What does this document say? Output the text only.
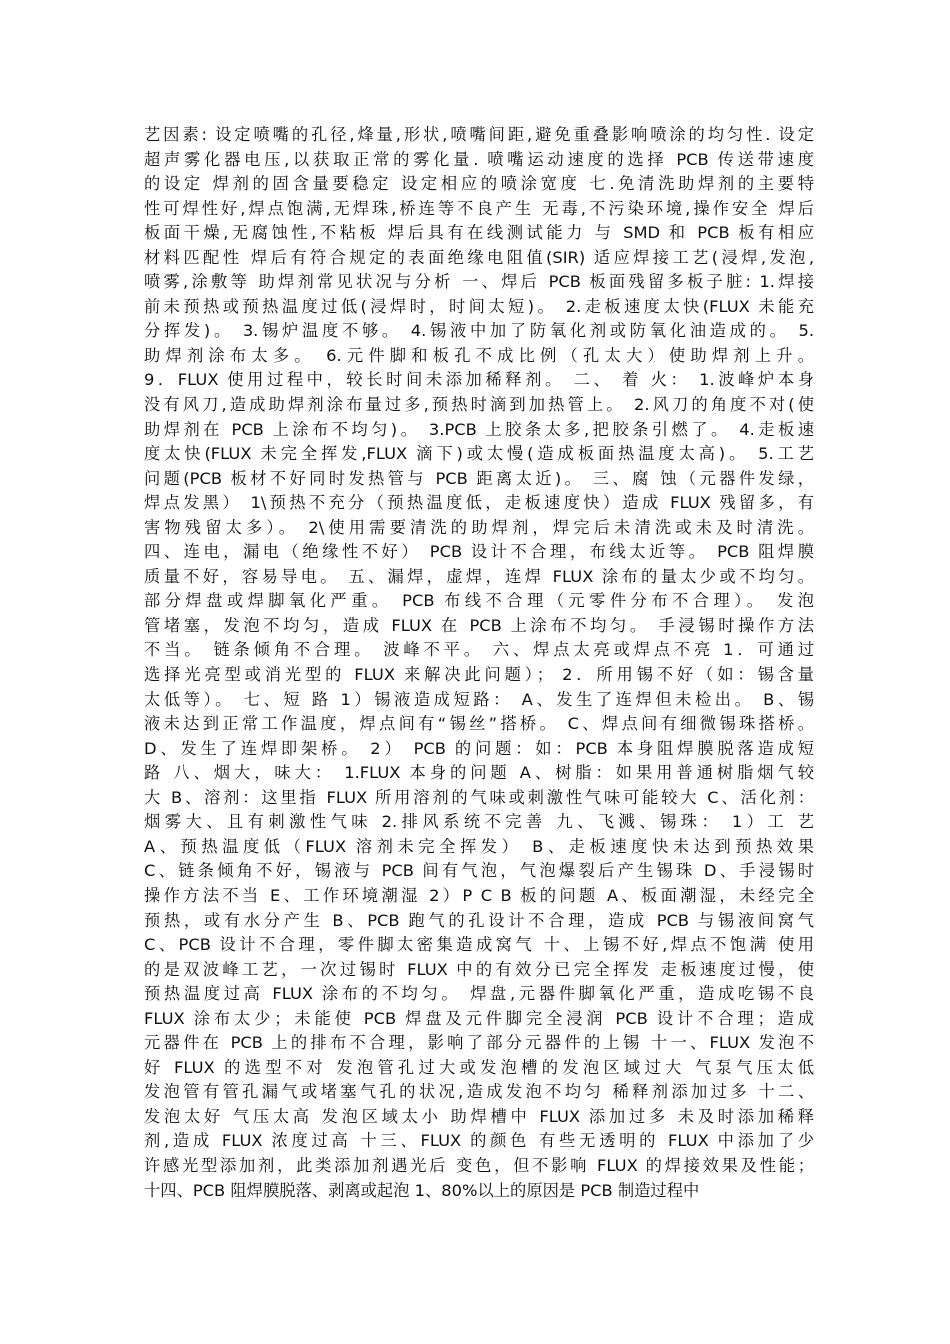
艺因素: 设定喷嘴的孔径,烽量,形状,喷嘴间距,避免重叠影响喷涂的均匀性. 设定
超声雾化器电压,以获取正常的雾化量. 喷嘴运动速度的选择 PCB 传送带速度
的设定 焊剂的固含量要稳定 设定相应的喷涂宽度 七.免清洗助焊剂的主要特
性可焊性好,焊点饱满,无焊珠,桥连等不良产生 无毒,不污染环境,操作安全 焊后
板面干燥,无腐蚀性,不粘板 焊后具有在线测试能力 与 SMD 和 PCB 板有相应
材料匹配性 焊后有符合规定的表面绝缘电阻值(SIR) 适应焊接工艺(浸焊,发泡,
喷雾,涂敷等 助焊剂常见状况与分析 一、焊后 PCB 板面残留多板子脏: 1.焊接
前未预热或预热温度过低(浸焊时，时间太短)。 2.走板速度太快(FLUX 未能充
分挥发)。 3.锡炉温度不够。 4.锡液中加了防氧化剂或防氧化油造成的。 5.
助焊剂涂布太多。 6.元件脚和板孔不成比例（孔太大）使助焊剂上升。
9．FLUX 使用过程中，较长时间未添加稀释剂。 二、 着 火： 1.波峰炉本身
没有风刀,造成助焊剂涂布量过多,预热时滴到加热管上。 2.风刀的角度不对(使
助焊剂在 PCB 上涂布不均匀)。 3.PCB 上胶条太多,把胶条引燃了。 4.走板速
度太快(FLUX 未完全挥发,FLUX 滴下)或太慢(造成板面热温度太高)。 5.工艺
问题(PCB 板材不好同时发热管与 PCB 距离太近)。 三、腐 蚀（元器件发绿，
焊点发黑） 1\预热不充分（预热温度低，走板速度快）造成 FLUX 残留多，有
害物残留太多）。 2\使用需要清洗的助焊剂，焊完后未清洗或未及时清洗。
四、连电，漏电（绝缘性不好） PCB 设计不合理，布线太近等。 PCB 阻焊膜
质量不好，容易导电。 五、漏焊，虚焊，连焊 FLUX 涂布的量太少或不均匀。
部分焊盘或焊脚氧化严重。 PCB 布线不合理（元零件分布不合理）。 发泡
管堵塞，发泡不均匀，造成 FLUX 在 PCB 上涂布不均匀。 手浸锡时操作方法
不当。 链条倾角不合理。 波峰不平。 六、焊点太亮或焊点不亮 1．可通过
选择光亮型或消光型的 FLUX 来解决此问题）； 2．所用锡不好（如：锡含量
太低等）。 七、短 路 1）锡液造成短路： A、发生了连焊但未检出。 B、锡
液未达到正常工作温度，焊点间有“锡丝”搭桥。 C、焊点间有细微锡珠搭桥。
D、发生了连焊即架桥。 2） PCB 的问题：如：PCB 本身阻焊膜脱落造成短
路 八、烟大，味大： 1.FLUX 本身的问题 A、树脂：如果用普通树脂烟气较
大 B、溶剂：这里指 FLUX 所用溶剂的气味或刺激性气味可能较大 C、活化剂：
烟雾大、且有刺激性气味 2.排风系统不完善 九、飞溅、锡珠： 1）工 艺
A、预热温度低（FLUX 溶剂未完全挥发） B、走板速度快未达到预热效果
C、链条倾角不好，锡液与 PCB 间有气泡，气泡爆裂后产生锡珠 D、手浸锡时
操作方法不当 E、工作环境潮湿 2）P C B 板的问题 A、板面潮湿，未经完全
预热，或有水分产生 B、PCB 跑气的孔设计不合理，造成 PCB 与锡液间窝气
C、PCB 设计不合理，零件脚太密集造成窝气 十、上锡不好,焊点不饱满 使用
的是双波峰工艺，一次过锡时 FLUX 中的有效分已完全挥发 走板速度过慢，使
预热温度过高 FLUX 涂布的不均匀。 焊盘,元器件脚氧化严重，造成吃锡不良
FLUX 涂布太少；未能使 PCB 焊盘及元件脚完全浸润 PCB 设计不合理；造成
元器件在 PCB 上的排布不合理，影响了部分元器件的上锡 十一、FLUX 发泡不
好 FLUX 的选型不对 发泡管孔过大或发泡槽的发泡区域过大 气泵气压太低
发泡管有管孔漏气或堵塞气孔的状况,造成发泡不均匀 稀释剂添加过多 十二、
发泡太好 气压太高 发泡区域太小 助焊槽中 FLUX 添加过多 未及时添加稀释
剂,造成 FLUX 浓度过高 十三、FLUX 的颜色 有些无透明的 FLUX 中添加了少
许感光型添加剂，此类添加剂遇光后 变色，但不影响 FLUX 的焊接效果及性能；
十四、PCB 阻焊膜脱落、剥离或起泡 1、80%以上的原因是 PCB 制造过程中
